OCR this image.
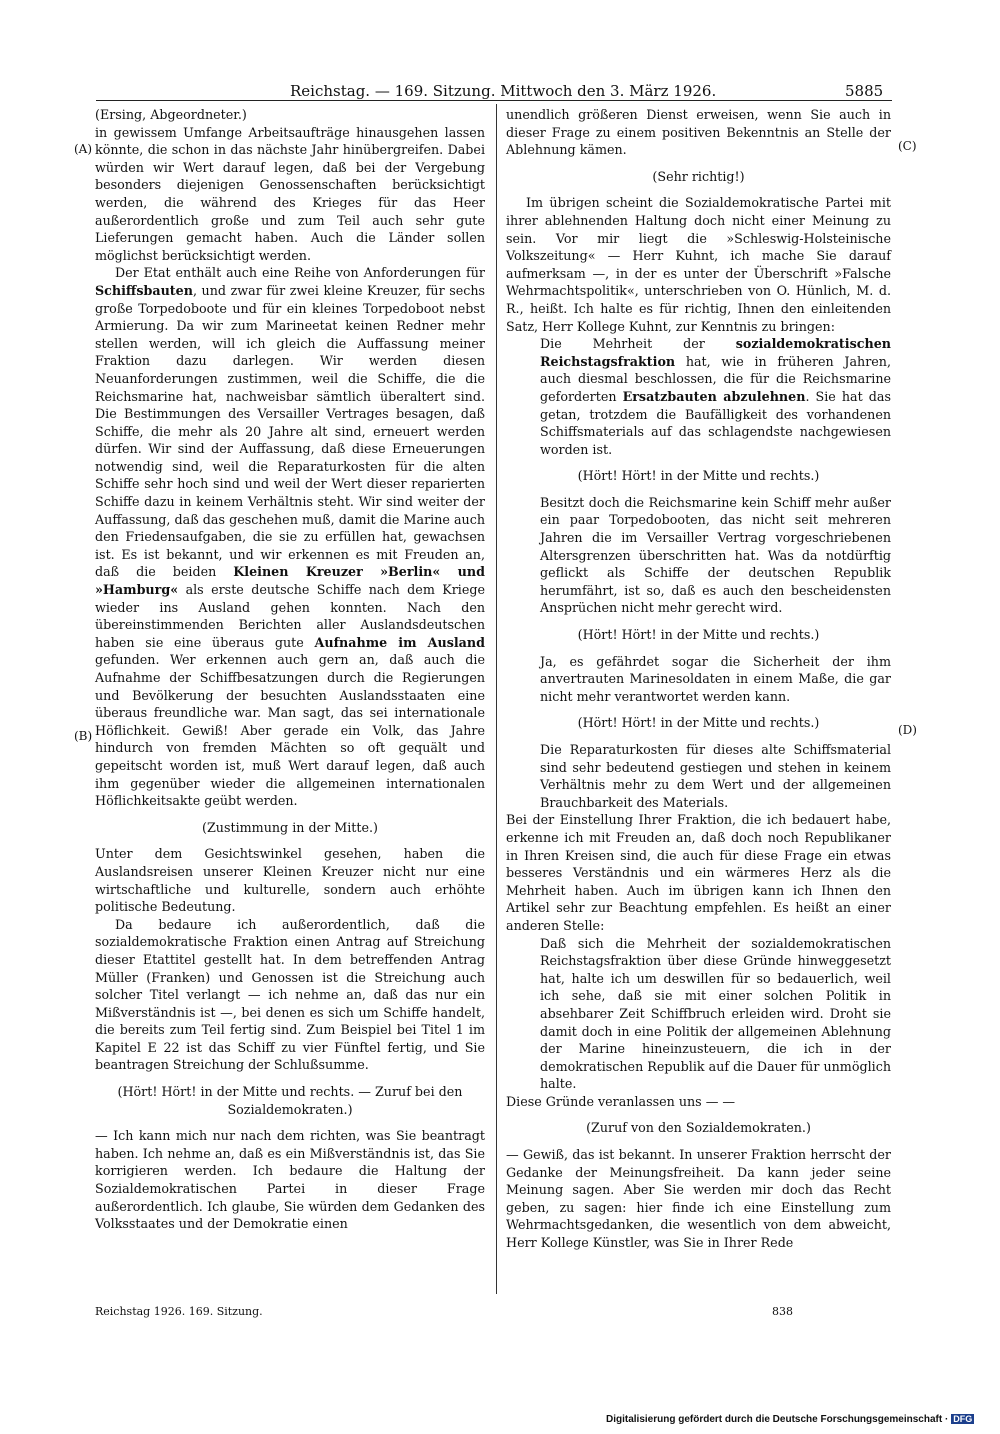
Reichstag. — 169. Sitzung. Mittwoch den 3. März 1926.	5885
(A)
(B)
(C)
(D)

(Ersing, Abgeordneter.)

in gewissem Umfange Arbeitsaufträge hinausgehen lassen könnte, die schon in das nächste Jahr hinübergreifen. Dabei würden wir Wert darauf legen, daß bei der Vergebung besonders diejenigen Genossenschaften berücksichtigt werden, die während des Krieges für das Heer außerordentlich große und zum Teil auch sehr gute Lieferungen gemacht haben. Auch die Länder sollen möglichst berücksichtigt werden.

Der Etat enthält auch eine Reihe von Anforderungen für Schiffsbauten, und zwar für zwei kleine Kreuzer, für sechs große Torpedoboote und für ein kleines Torpedoboot nebst Armierung. Da wir zum Marineetat keinen Redner mehr stellen werden, will ich gleich die Auffassung meiner Fraktion dazu darlegen. Wir werden diesen Neuanforderungen zustimmen, weil die Schiffe, die die Reichsmarine hat, nachweisbar sämtlich überaltert sind. Die Bestimmungen des Versailler Vertrages besagen, daß Schiffe, die mehr als 20 Jahre alt sind, erneuert werden dürfen. Wir sind der Auffassung, daß diese Erneuerungen notwendig sind, weil die Reparaturkosten für die alten Schiffe sehr hoch sind und weil der Wert dieser reparierten Schiffe dazu in keinem Verhältnis steht. Wir sind weiter der Auffassung, daß das geschehen muß, damit die Marine auch den Friedensaufgaben, die sie zu erfüllen hat, gewachsen ist. Es ist bekannt, und wir erkennen es mit Freuden an, daß die beiden Kleinen Kreuzer »Berlin« und »Hamburg« als erste deutsche Schiffe nach dem Kriege wieder ins Ausland gehen konnten. Nach den übereinstimmenden Berichten aller Auslandsdeutschen haben sie eine überaus gute Aufnahme im Ausland gefunden. Wer erkennen auch gern an, daß auch die Aufnahme der Schiffbesatzungen durch die Regierungen und Bevölkerung der besuchten Auslandsstaaten eine überaus freundliche war. Man sagt, das sei internationale Höflichkeit. Gewiß! Aber gerade ein Volk, das Jahre hindurch von fremden Mächten so oft gequält und gepeitscht worden ist, muß Wert darauf legen, daß auch ihm gegenüber wieder die allgemeinen internationalen Höflichkeitsakte geübt werden.

(Zustimmung in der Mitte.)

Unter dem Gesichtswinkel gesehen, haben die Auslandsreisen unserer Kleinen Kreuzer nicht nur eine wirtschaftliche und kulturelle, sondern auch erhöhte politische Bedeutung.

Da bedaure ich außerordentlich, daß die sozialdemokratische Fraktion einen Antrag auf Streichung dieser Etattitel gestellt hat. In dem betreffenden Antrag Müller (Franken) und Genossen ist die Streichung auch solcher Titel verlangt — ich nehme an, daß das nur ein Mißverständnis ist —, bei denen es sich um Schiffe handelt, die bereits zum Teil fertig sind. Zum Beispiel bei Titel 1 im Kapitel E 22 ist das Schiff zu vier Fünftel fertig, und Sie beantragen Streichung der Schlußsumme.

(Hört! Hört! in der Mitte und rechts. — Zuruf bei den Sozialdemokraten.)

— Ich kann mich nur nach dem richten, was Sie beantragt haben. Ich nehme an, daß es ein Mißverständnis ist, das Sie korrigieren werden. Ich bedaure die Haltung der Sozialdemokratischen Partei in dieser Frage außerordentlich. Ich glaube, Sie würden dem Gedanken des Volksstaates und der Demokratie einen

unendlich größeren Dienst erweisen, wenn Sie auch in dieser Frage zu einem positiven Bekenntnis an Stelle der Ablehnung kämen.

(Sehr richtig!)

Im übrigen scheint die Sozialdemokratische Partei mit ihrer ablehnenden Haltung doch nicht einer Meinung zu sein. Vor mir liegt die »Schleswig-Holsteinische Volkszeitung« — Herr Kuhnt, ich mache Sie darauf aufmerksam —, in der es unter der Überschrift »Falsche Wehrmachtspolitik«, unterschrieben von O. Hünlich, M. d. R., heißt. Ich halte es für richtig, Ihnen den einleitenden Satz, Herr Kollege Kuhnt, zur Kenntnis zu bringen:

Die Mehrheit der sozialdemokratischen Reichstagsfraktion hat, wie in früheren Jahren, auch diesmal beschlossen, die für die Reichsmarine geforderten Ersatzbauten abzulehnen. Sie hat das getan, trotzdem die Baufälligkeit des vorhandenen Schiffsmaterials auf das schlagendste nachgewiesen worden ist.

(Hört! Hört! in der Mitte und rechts.)

Besitzt doch die Reichsmarine kein Schiff mehr außer ein paar Torpedobooten, das nicht seit mehreren Jahren die im Versailler Vertrag vorgeschriebenen Altersgrenzen überschritten hat. Was da notdürftig geflickt als Schiffe der deutschen Republik herumfährt, ist so, daß es auch den bescheidensten Ansprüchen nicht mehr gerecht wird.

(Hört! Hört! in der Mitte und rechts.)

Ja, es gefährdet sogar die Sicherheit der ihm anvertrauten Marinesoldaten in einem Maße, die gar nicht mehr verantwortet werden kann.

(Hört! Hört! in der Mitte und rechts.)

Die Reparaturkosten für dieses alte Schiffsmaterial sind sehr bedeutend gestiegen und stehen in keinem Verhältnis mehr zu dem Wert und der allgemeinen Brauchbarkeit des Materials.

Bei der Einstellung Ihrer Fraktion, die ich bedauert habe, erkenne ich mit Freuden an, daß doch noch Republikaner in Ihren Kreisen sind, die auch für diese Frage ein etwas besseres Verständnis und ein wärmeres Herz als die Mehrheit haben. Auch im übrigen kann ich Ihnen den Artikel sehr zur Beachtung empfehlen. Es heißt an einer anderen Stelle:

Daß sich die Mehrheit der sozialdemokratischen Reichstagsfraktion über diese Gründe hinweggesetzt hat, halte ich um deswillen für so bedauerlich, weil ich sehe, daß sie mit einer solchen Politik in absehbarer Zeit Schiffbruch erleiden wird. Droht sie damit doch in eine Politik der allgemeinen Ablehnung der Marine hineinzusteuern, die ich in der demokratischen Republik auf die Dauer für unmöglich halte.

Diese Gründe veranlassen uns — —

(Zuruf von den Sozialdemokraten.)

— Gewiß, das ist bekannt. In unserer Fraktion herrscht der Gedanke der Meinungsfreiheit. Da kann jeder seine Meinung sagen. Aber Sie werden mir doch das Recht geben, zu sagen: hier finde ich eine Einstellung zum Wehrmachtsgedanken, die wesentlich von dem abweicht, Herr Kollege Künstler, was Sie in Ihrer Rede

Reichstag 1926. 169. Sitzung.	838
Digitalisierung gefördert durch die Deutsche Forschungsgemeinschaft · DFG
